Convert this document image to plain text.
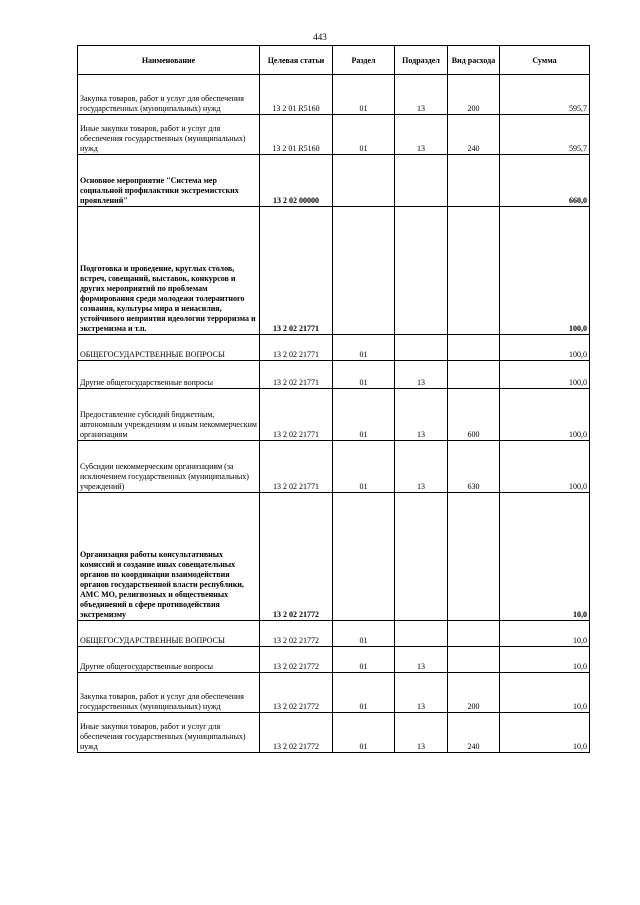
443
Наименование	Целевая статьи	Раздел	Подраздел	Вид расхода	Сумма
Закупка товаров, работ и услуг для обеспечения государственных (муниципальных) нужд	13 2 01 R5160	01	13	200	595,7
Иные закупки товаров, работ и услуг для обеспечения государственных (муниципальных) нужд	13 2 01 R5160	01	13	240	595,7
Основное мероприятие "Система мер социальной профилактики экстремистских проявлений"	13 2 02 00000				660,0
Подготовка и проведение, круглых столов, встреч, совещаний, выставок, конкурсов и других мероприятий по проблемам формирования среди молодежи толерантного сознания, культуры мира и ненасилия, устойчивого неприятия идеологии терроризма и экстремизма и т.п.	13 2 02 21771				100,0
ОБЩЕГОСУДАРСТВЕННЫЕ ВОПРОСЫ	13 2 02 21771	01			100,0
Другие общегосударственные вопросы	13 2 02 21771	01	13		100,0
Предоставление субсидий бюджетным, автономным учреждениям и иным некоммерческим организациям	13 2 02 21771	01	13	600	100,0
Субсидии некоммерческим организациям (за исключением государственных (муниципальных) учреждений)	13 2 02 21771	01	13	630	100,0
Организация работы консультативных комиссий и создание иных совещательных органов по координации взаимодействия органов государственной власти республики, АМС МО, религиозных и общественных объединений в сфере противодействия экстремизму	13 2 02 21772				10,0
ОБЩЕГОСУДАРСТВЕННЫЕ ВОПРОСЫ	13 2 02 21772	01			10,0
Другие общегосударственные вопросы	13 2 02 21772	01	13		10,0
Закупка товаров, работ и услуг для обеспечения государственных (муниципальных) нужд	13 2 02 21772	01	13	200	10,0
Иные закупки товаров, работ и услуг для обеспечения государственных (муниципальных) нужд	13 2 02 21772	01	13	240	10,0
